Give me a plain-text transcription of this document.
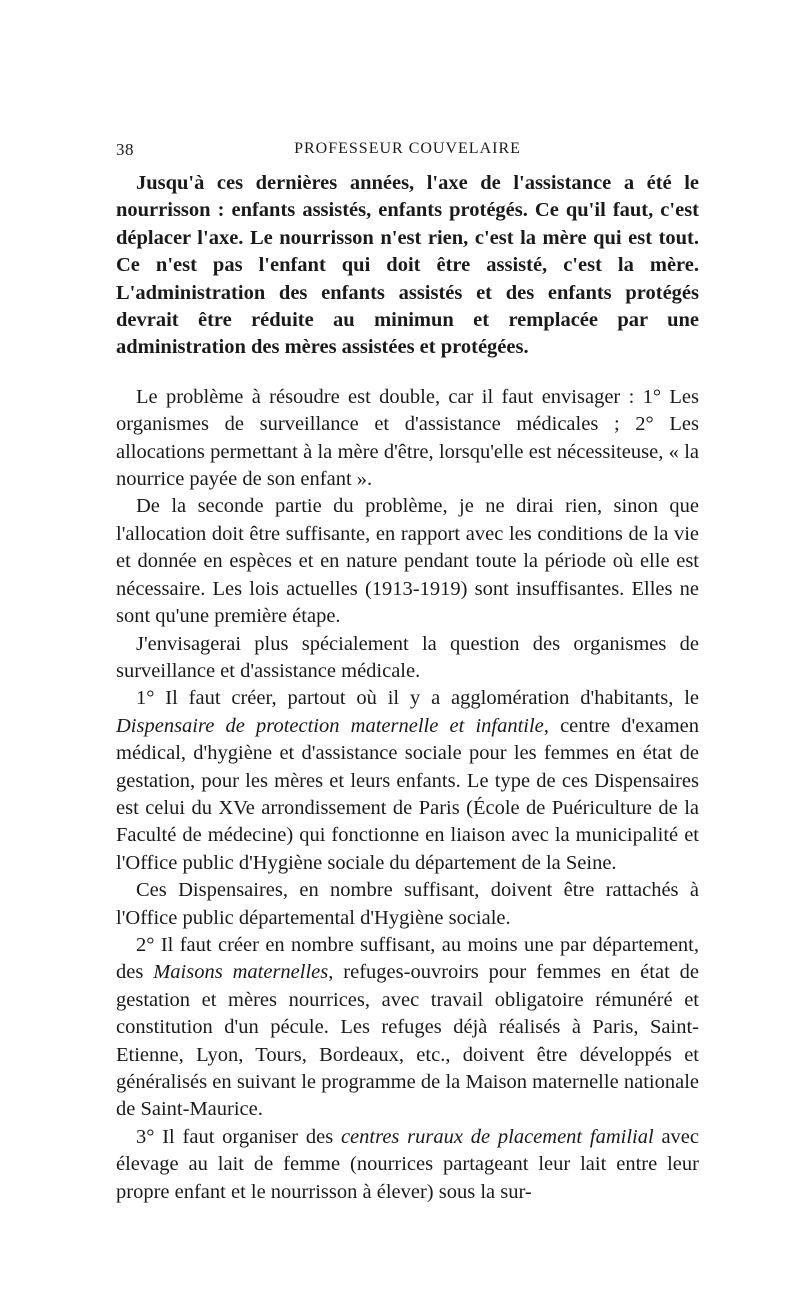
38	PROFESSEUR COUVELAIRE

Jusqu'à ces dernières années, l'axe de l'assistance a été le nourrisson : enfants assistés, enfants protégés. Ce qu'il faut, c'est déplacer l'axe. Le nourrisson n'est rien, c'est la mère qui est tout. Ce n'est pas l'enfant qui doit être assisté, c'est la mère. L'administration des enfants assistés et des enfants protégés devrait être réduite au minimun et remplacée par une administration des mères assistées et protégées.

Le problème à résoudre est double, car il faut envisager : 1° Les organismes de surveillance et d'assistance médicales ; 2° Les allocations permettant à la mère d'être, lorsqu'elle est nécessiteuse, « la nourrice payée de son enfant ».

De la seconde partie du problème, je ne dirai rien, sinon que l'allocation doit être suffisante, en rapport avec les conditions de la vie et donnée en espèces et en nature pendant toute la période où elle est nécessaire. Les lois actuelles (1913-1919) sont insuffisantes. Elles ne sont qu'une première étape.

J'envisagerai plus spécialement la question des organismes de surveillance et d'assistance médicale.

1° Il faut créer, partout où il y a agglomération d'habitants, le Dispensaire de protection maternelle et infantile, centre d'examen médical, d'hygiène et d'assistance sociale pour les femmes en état de gestation, pour les mères et leurs enfants. Le type de ces Dispensaires est celui du XVe arrondissement de Paris (École de Puériculture de la Faculté de médecine) qui fonctionne en liaison avec la municipalité et l'Office public d'Hygiène sociale du département de la Seine.

Ces Dispensaires, en nombre suffisant, doivent être rattachés à l'Office public départemental d'Hygiène sociale.

2° Il faut créer en nombre suffisant, au moins une par département, des Maisons maternelles, refuges-ouvroirs pour femmes en état de gestation et mères nourrices, avec travail obligatoire rémunéré et constitution d'un pécule. Les refuges déjà réalisés à Paris, Saint-Etienne, Lyon, Tours, Bordeaux, etc., doivent être développés et généralisés en suivant le programme de la Maison maternelle nationale de Saint-Maurice.

3° Il faut organiser des centres ruraux de placement familial avec élevage au lait de femme (nourrices partageant leur lait entre leur propre enfant et le nourrisson à élever) sous la sur-
